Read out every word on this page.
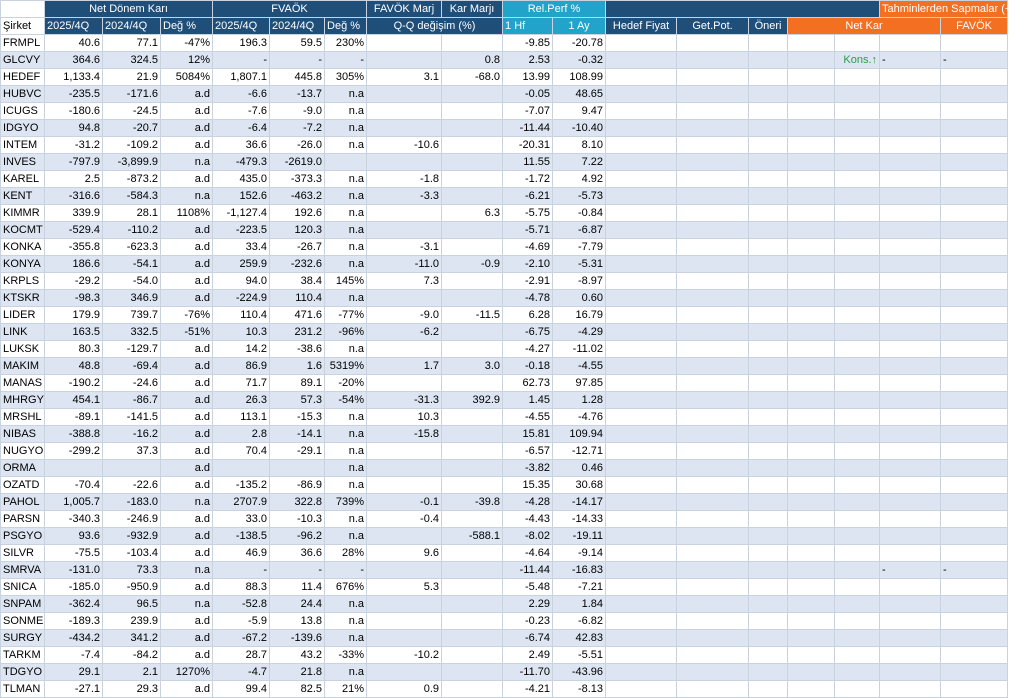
	Net Dönem Karı			FVAÖK			FAVÖK Marj	Kar Marjı	Rel.Perf %							Tahminlerden Sapmalar (+-%5)	
Şirket	2025/4Q	2024/4Q	Değ %	2025/4Q	2024/4Q	Değ %	Q-Q değişim (%)		1 Hf	1 Ay	Hedef Fiyat	Get.Pot.	Öneri	Net Kar			FAVÖK
FRMPL	40.6	77.1	-47%	196.3	59.5	230%			-9.85	-20.78							
GLCVY	364.6	324.5	12%	-	-	-		0.8	2.53	-0.32					Kons.↑	-	-
HEDEF	1,133.4	21.9	5084%	1,807.1	445.8	305%	3.1	-68.0	13.99	108.99							
HUBVC	-235.5	-171.6	a.d	-6.6	-13.7	n.a			-0.05	48.65							
ICUGS	-180.6	-24.5	a.d	-7.6	-9.0	n.a			-7.07	9.47							
IDGYO	94.8	-20.7	a.d	-6.4	-7.2	n.a			-11.44	-10.40							
INTEM	-31.2	-109.2	a.d	36.6	-26.0	n.a	-10.6		-20.31	8.10							
INVES	-797.9	-3,899.9	n.a	-479.3	-2619.0				11.55	7.22							
KAREL	2.5	-873.2	a.d	435.0	-373.3	n.a	-1.8		-1.72	4.92							
KENT	-316.6	-584.3	n.a	152.6	-463.2	n.a	-3.3		-6.21	-5.73							
KIMMR	339.9	28.1	1108%	-1,127.4	192.6	n.a		6.3	-5.75	-0.84							
KOCMT	-529.4	-110.2	a.d	-223.5	120.3	n.a			-5.71	-6.87							
KONKA	-355.8	-623.3	a.d	33.4	-26.7	n.a	-3.1		-4.69	-7.79							
KONYA	186.6	-54.1	a.d	259.9	-232.6	n.a	-11.0	-0.9	-2.10	-5.31							
KRPLS	-29.2	-54.0	a.d	94.0	38.4	145%	7.3		-2.91	-8.97							
KTSKR	-98.3	346.9	a.d	-224.9	110.4	n.a			-4.78	0.60							
LIDER	179.9	739.7	-76%	110.4	471.6	-77%	-9.0	-11.5	6.28	16.79							
LINK	163.5	332.5	-51%	10.3	231.2	-96%	-6.2		-6.75	-4.29							
LUKSK	80.3	-129.7	a.d	14.2	-38.6	n.a			-4.27	-11.02							
MAKIM	48.8	-69.4	a.d	86.9	1.6	5319%	1.7	3.0	-0.18	-4.55							
MANAS	-190.2	-24.6	a.d	71.7	89.1	-20%			62.73	97.85							
MHRGY	454.1	-86.7	a.d	26.3	57.3	-54%	-31.3	392.9	1.45	1.28							
MRSHL	-89.1	-141.5	a.d	113.1	-15.3	n.a	10.3		-4.55	-4.76							
NIBAS	-388.8	-16.2	a.d	2.8	-14.1	n.a	-15.8		15.81	109.94							
NUGYO	-299.2	37.3	a.d	70.4	-29.1	n.a			-6.57	-12.71							
ORMA			a.d			n.a			-3.82	0.46							
OZATD	-70.4	-22.6	a.d	-135.2	-86.9	n.a			15.35	30.68							
PAHOL	1,005.7	-183.0	n.a	2707.9	322.8	739%	-0.1	-39.8	-4.28	-14.17							
PARSN	-340.3	-246.9	a.d	33.0	-10.3	n.a	-0.4		-4.43	-14.33							
PSGYO	93.6	-932.9	a.d	-138.5	-96.2	n.a		-588.1	-8.02	-19.11							
SILVR	-75.5	-103.4	a.d	46.9	36.6	28%	9.6		-4.64	-9.14							
SMRVA	-131.0	73.3	n.a	-	-	-			-11.44	-16.83						-	-
SNICA	-185.0	-950.9	a.d	88.3	11.4	676%	5.3		-5.48	-7.21							
SNPAM	-362.4	96.5	n.a	-52.8	24.4	n.a			2.29	1.84							
SONME	-189.3	239.9	a.d	-5.9	13.8	n.a			-0.23	-6.82							
SURGY	-434.2	341.2	a.d	-67.2	-139.6	n.a			-6.74	42.83							
TARKM	-7.4	-84.2	a.d	28.7	43.2	-33%	-10.2		2.49	-5.51							
TDGYO	29.1	2.1	1270%	-4.7	21.8	n.a			-11.70	-43.96							
TLMAN	-27.1	29.3	a.d	99.4	82.5	21%	0.9		-4.21	-8.13							
